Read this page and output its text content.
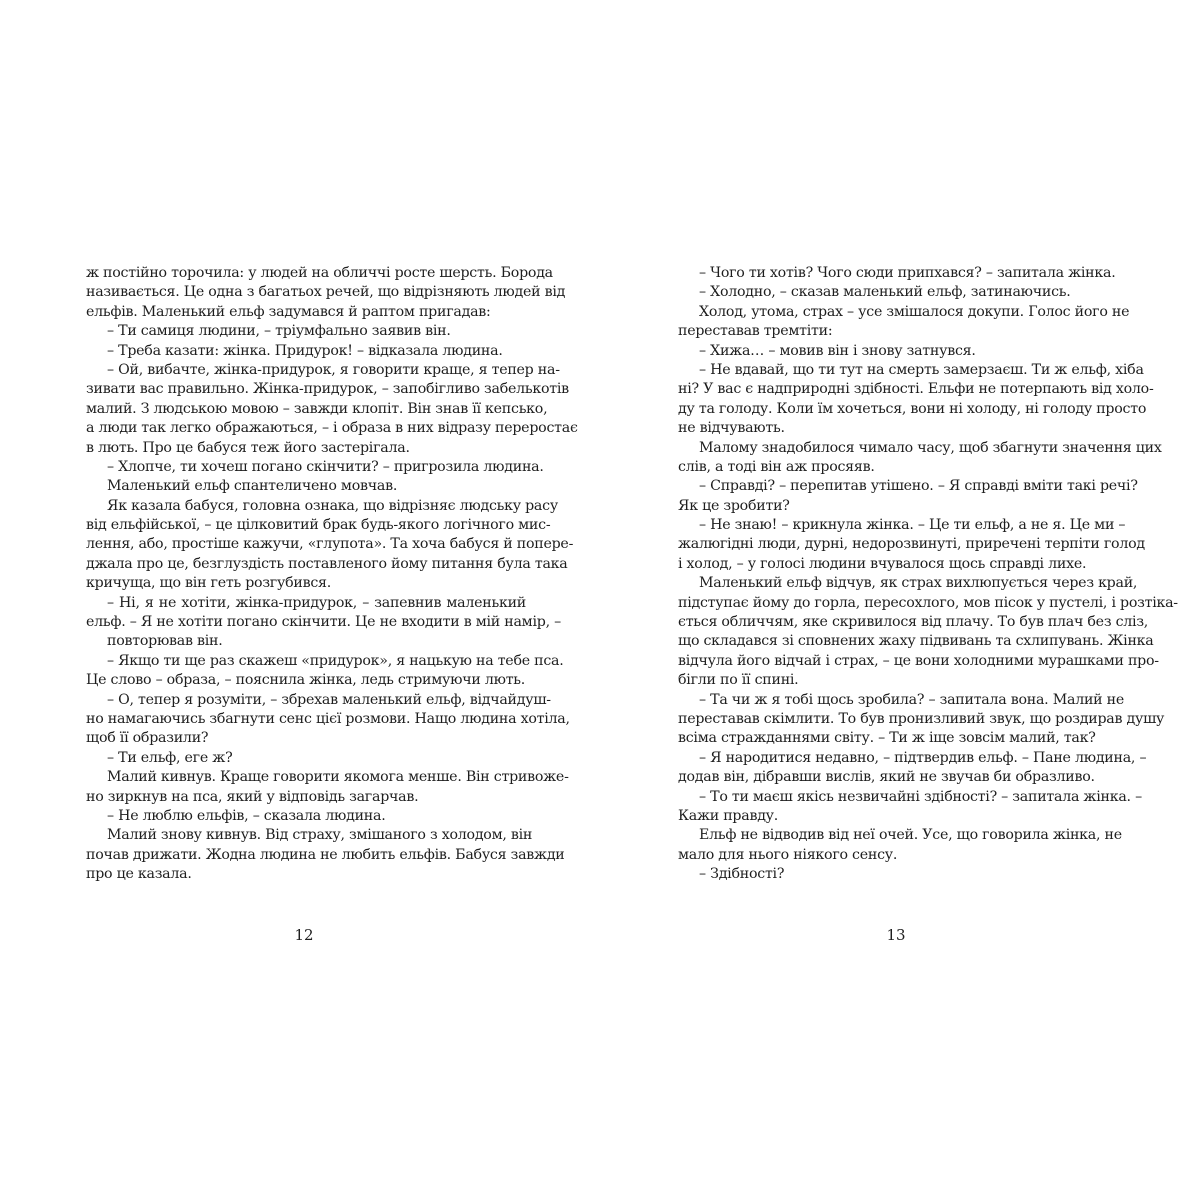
ж постійно торочила: у людей на обличчі росте шерсть. Борода
називається. Це одна з багатьох речей, що відрізняють людей від
ельфів. Маленький ельф задумався й раптом пригадав:
– Ти самиця людини, – тріумфально заявив він.
– Треба казати: жінка. Придурок! – відказала людина.
– Ой, вибачте, жінка-придурок, я говорити краще, я тепер на-
зивати вас правильно. Жінка-придурок, – запобігливо забелькотів
малий. З людською мовою – завжди клопіт. Він знав її кепсько,
а люди так легко ображаються, – і образа в них відразу переростає
в лють. Про це бабуся теж його застерігала.
– Хлопче, ти хочеш погано скінчити? – пригрозила людина.
Маленький ельф спантеличено мовчав.
Як казала бабуся, головна ознака, що відрізняє людську расу
від ельфійської, – це цілковитий брак будь-якого логічного мис-
лення, або, простіше кажучи, «глупота». Та хоча бабуся й попере-
джала про це, безглуздість поставленого йому питання була така
кричуща, що він геть розгубився.
– Ні, я не хотіти, жінка-придурок, – запевнив маленький
ельф. – Я не хотіти погано скінчити. Це не входити в мій намір, –
повторював він.
– Якщо ти ще раз скажеш «придурок», я нацькую на тебе пса.
Це слово – образа, – пояснила жінка, ледь стримуючи лють.
– О, тепер я розуміти, – збрехав маленький ельф, відчайдуш-
но намагаючись збагнути сенс цієї розмови. Нащо людина хотіла,
щоб її образили?
– Ти ельф, еге ж?
Малий кивнув. Краще говорити якомога менше. Він стривоже-
но зиркнув на пса, який у відповідь загарчав.
– Не люблю ельфів, – сказала людина.
Малий знову кивнув. Від страху, змішаного з холодом, він
почав дрижати. Жодна людина не любить ельфів. Бабуся завжди
про це казала.
12
– Чого ти хотів? Чого сюди припхався? – запитала жінка.
– Холодно, – сказав маленький ельф, затинаючись.
Холод, утома, страх – усе змішалося докупи. Голос його не
переставав тремтіти:
– Хижа… – мовив він і знову затнувся.
– Не вдавай, що ти тут на смерть замерзаєш. Ти ж ельф, хіба
ні? У вас є надприродні здібності. Ельфи не потерпають від холо-
ду та голоду. Коли їм хочеться, вони ні холоду, ні голоду просто
не відчувають.
Малому знадобилося чимало часу, щоб збагнути значення цих
слів, а тоді він аж просяяв.
– Справді? – перепитав утішено. – Я справді вміти такі речі?
Як це зробити?
– Не знаю! – крикнула жінка. – Це ти ельф, а не я. Це ми –
жалюгідні люди, дурні, недорозвинуті, приречені терпіти голод
і холод, – у голосі людини вчувалося щось справді лихе.
Маленький ельф відчув, як страх вихлюпується через край,
підступає йому до горла, пересохлого, мов пісок у пустелі, і розтіка-
ється обличчям, яке скривилося від плачу. То був плач без сліз,
що складався зі сповнених жаху підвивань та схлипувань. Жінка
відчула його відчай і страх, – це вони холодними мурашками про-
бігли по її спині.
– Та чи ж я тобі щось зробила? – запитала вона. Малий не
переставав скімлити. То був пронизливий звук, що роздирав душу
всіма стражданнями світу. – Ти ж іще зовсім малий, так?
– Я народитися недавно, – підтвердив ельф. – Пане людина, –
додав він, дібравши вислів, який не звучав би образливо.
– То ти маєш якісь незвичайні здібності? – запитала жінка. –
Кажи правду.
Ельф не відводив від неї очей. Усе, що говорила жінка, не
мало для нього ніякого сенсу.
– Здібності?
13
